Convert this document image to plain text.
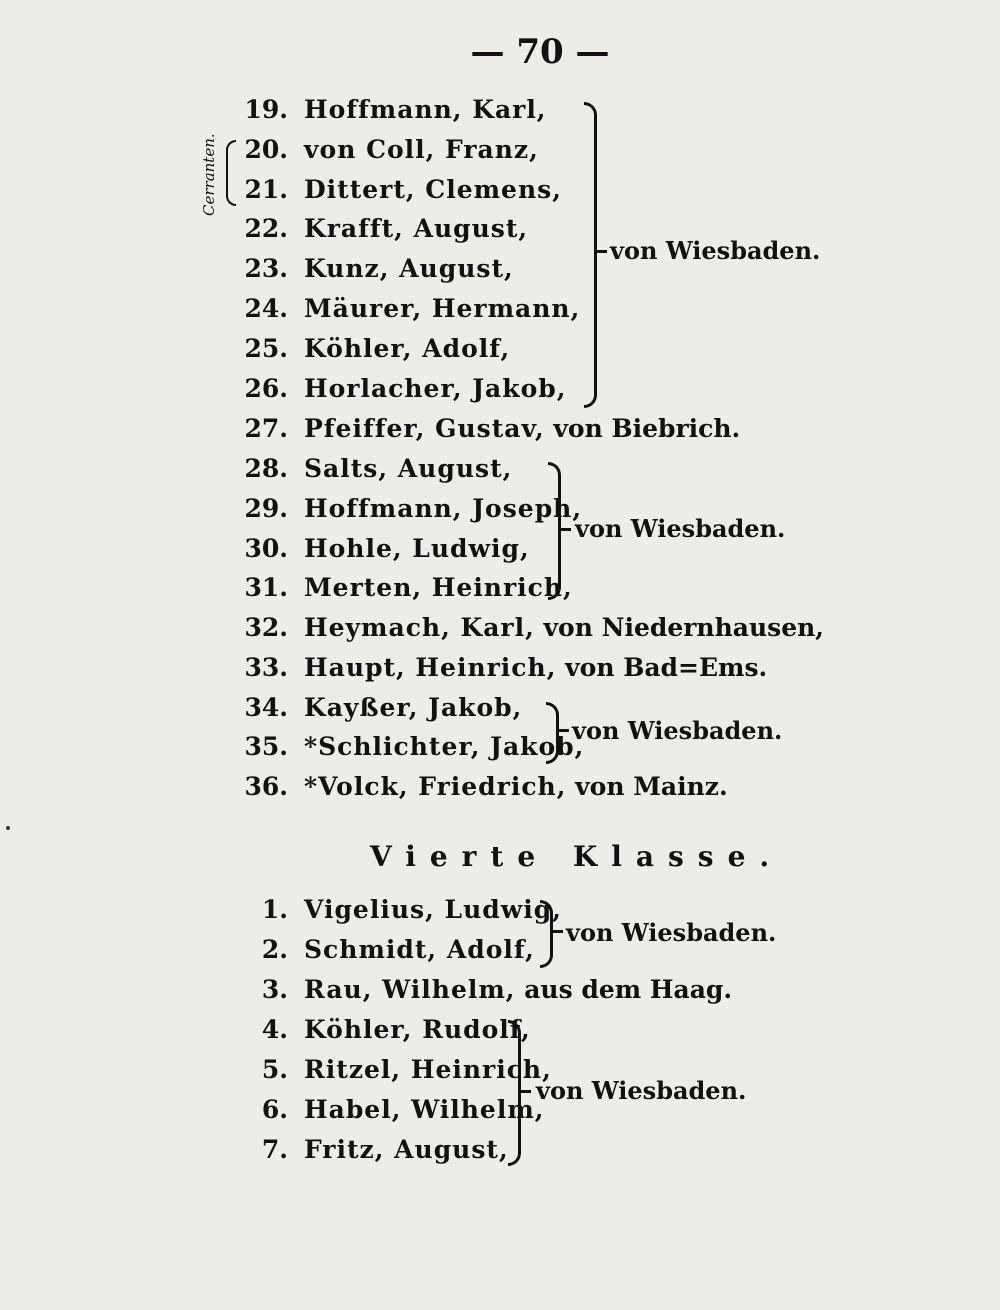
— 70 —
Cerranten.
19. Hoffmann, Karl,
20. von Coll, Franz,
21. Dittert, Clemens,
22. Krafft, August,
23. Kunz, August,
24. Mäurer, Hermann,
25. Köhler, Adolf,
26. Horlacher, Jakob,
27. Pfeiffer, Gustav, von Biebrich.
28. Salts, August,
29. Hoffmann, Joseph,
30. Hohle, Ludwig,
31. Merten, Heinrich,
32. Heymach, Karl, von Niedernhausen,
33. Haupt, Heinrich, von Bad=Ems.
34. Kayßer, Jakob,
35. *Schlichter, Jakob,
36. *Volck, Friedrich, von Mainz.
von Wiesbaden.
von Wiesbaden.
von Wiesbaden.
Vierte Klasse.
1. Vigelius, Ludwig,
2. Schmidt, Adolf,
3. Rau, Wilhelm, aus dem Haag.
4. Köhler, Rudolf,
5. Ritzel, Heinrich,
6. Habel, Wilhelm,
7. Fritz, August,
von Wiesbaden.
von Wiesbaden.
